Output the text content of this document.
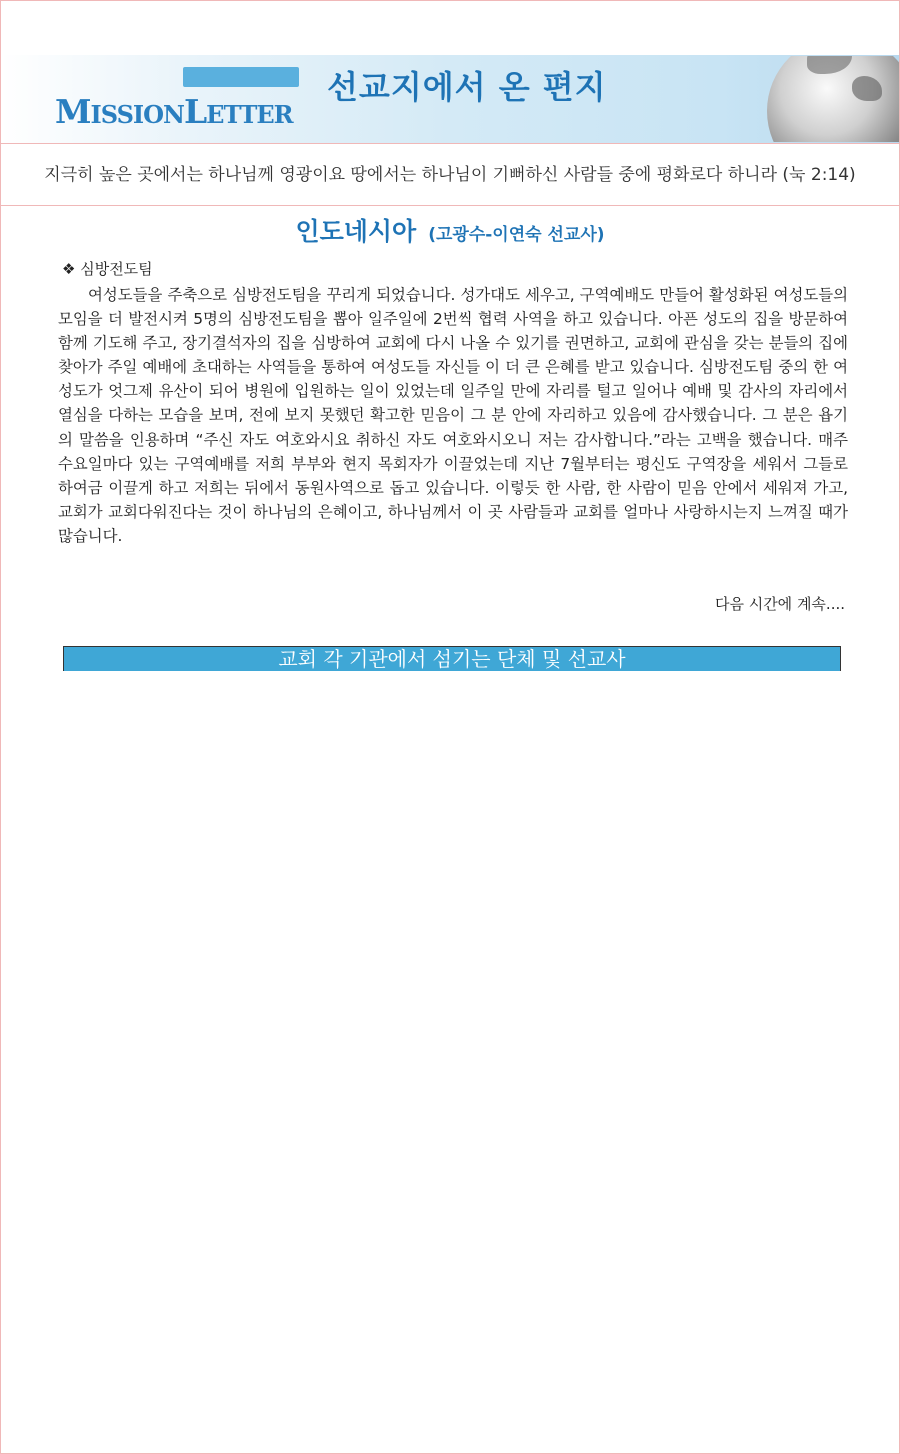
MISSIONLETTER
선교지에서 온 편지
지극히 높은 곳에서는 하나님께 영광이요 땅에서는 하나님이 기뻐하신 사람들 중에 평화로다 하니라 (눅 2:14)
인도네시아 (고광수-이연숙 선교사)
❖ 심방전도팀
여성도들을 주축으로 심방전도팀을 꾸리게 되었습니다. 성가대도 세우고, 구역예배도 만들어 활성화된 여성도들의 모임을 더 발전시켜 5명의 심방전도팀을 뽑아 일주일에 2번씩 협력 사역을 하고 있습니다. 아픈 성도의 집을 방문하여 함께 기도해 주고, 장기결석자의 집을 심방하여 교회에 다시 나올 수 있기를 권면하고, 교회에 관심을 갖는 분들의 집에 찾아가 주일 예배에 초대하는 사역들을 통하여 여성도들 자신들 이 더 큰 은혜를 받고 있습니다. 심방전도팀 중의 한 여성도가 엇그제 유산이 되어 병원에 입원하는 일이 있었는데 일주일 만에 자리를 털고 일어나 예배 및 감사의 자리에서 열심을 다하는 모습을 보며, 전에 보지 못했던 확고한 믿음이 그 분 안에 자리하고 있음에 감사했습니다. 그 분은 욥기의 말씀을 인용하며 “주신 자도 여호와시요 취하신 자도 여호와시오니 저는 감사합니다.”라는 고백을 했습니다. 매주 수요일마다 있는 구역예배를 저희 부부와 현지 목회자가 이끌었는데 지난 7월부터는 평신도 구역장을 세워서 그들로 하여금 이끌게 하고 저희는 뒤에서 동원사역으로 돕고 있습니다. 이렇듯 한 사람, 한 사람이 믿음 안에서 세워져 가고, 교회가 교회다워진다는 것이 하나님의 은혜이고, 하나님께서 이 곳 사람들과 교회를 얼마나 사랑하시는지 느껴질 때가 많습니다.
다음 시간에 계속....
교회 각 기관에서 섬기는 단체 및 선교사
